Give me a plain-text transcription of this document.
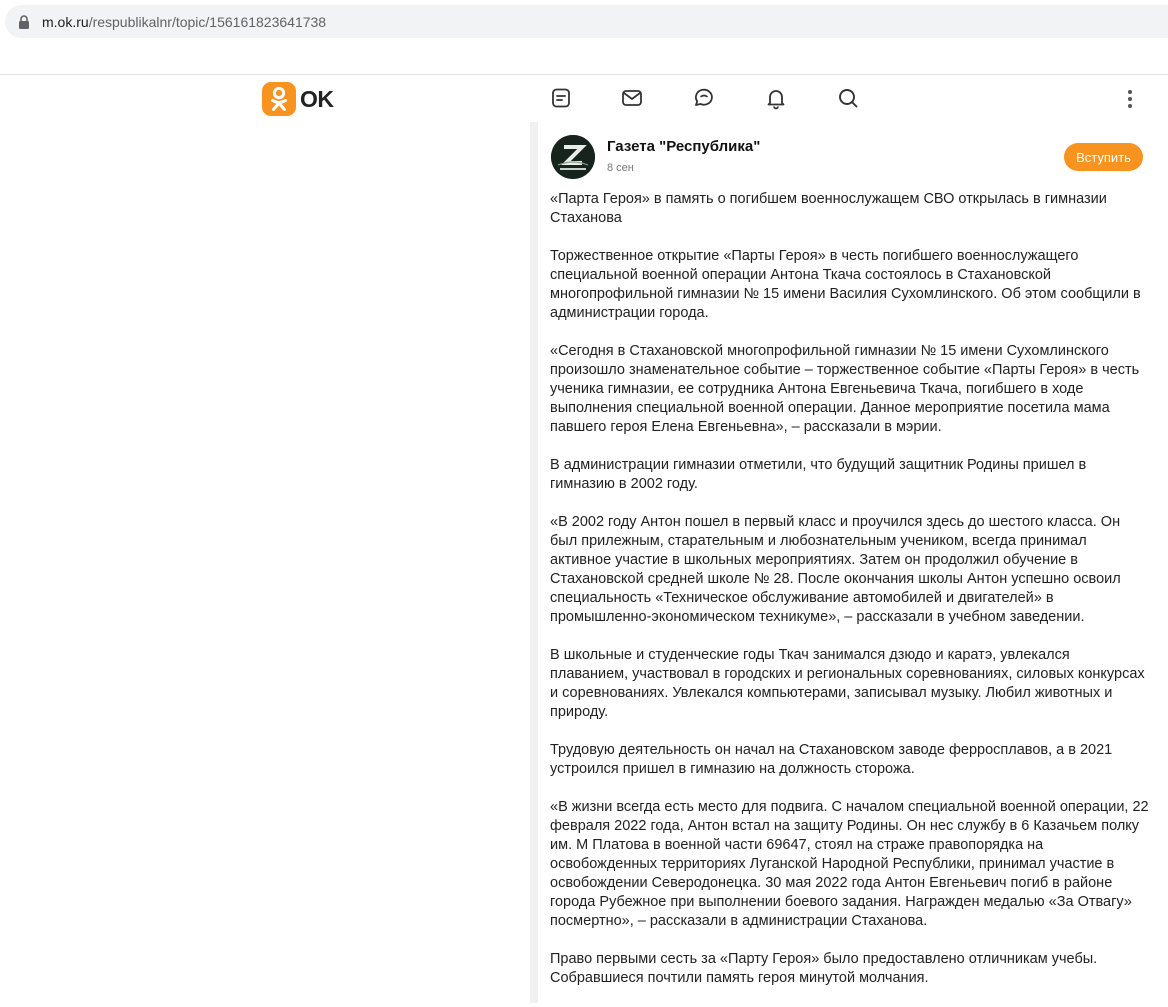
m.ok.ru/respublikalnr/topic/156161823641738
OK
Газета "Республика"
8 сен
Вступить

«Парта Героя» в память о погибшем военнослужащем СВО открылась в гимназии Стаханова

Торжественное открытие «Парты Героя» в честь погибшего военнослужащего специальной военной операции Антона Ткача состоялось в Стахановской многопрофильной гимназии № 15 имени Василия Сухомлинского. Об этом сообщили в администрации города.

«Сегодня в Стахановской многопрофильной гимназии № 15 имени Сухомлинского произошло знаменательное событие – торжественное событие «Парты Героя» в честь ученика гимназии, ее сотрудника Антона Евгеньевича Ткача, погибшего в ходе выполнения специальной военной операции. Данное мероприятие посетила мама павшего героя Елена Евгеньевна», – рассказали в мэрии.

В администрации гимназии отметили, что будущий защитник Родины пришел в гимназию в 2002 году.

«В 2002 году Антон пошел в первый класс и проучился здесь до шестого класса. Он был прилежным, старательным и любознательным учеником, всегда принимал активное участие в школьных мероприятиях. Затем он продолжил обучение в Стахановской средней школе № 28. После окончания школы Антон успешно освоил специальность «Техническое обслуживание автомобилей и двигателей» в промышленно-экономическом техникуме», – рассказали в учебном заведении.

В школьные и студенческие годы Ткач занимался дзюдо и каратэ, увлекался плаванием, участвовал в городских и региональных соревнованиях, силовых конкурсах и соревнованиях. Увлекался компьютерами, записывал музыку. Любил животных и природу.

Трудовую деятельность он начал на Стахановском заводе ферросплавов, а в 2021 устроился пришел в гимназию на должность сторожа.

«В жизни всегда есть место для подвига. С началом специальной военной операции, 22 февраля 2022 года, Антон встал на защиту Родины. Он нес службу в 6 Казачьем полку им. М Платова в военной части 69647, стоял на страже правопорядка на освобожденных территориях Луганской Народной Республики, принимал участие в освобождении Северодонецка. 30 мая 2022 года Антон Евгеньевич погиб в районе города Рубежное при выполнении боевого задания. Награжден медалью «За Отвагу» посмертно», – рассказали в администрации Стаханова.

Право первыми сесть за «Парту Героя» было предоставлено отличникам учебы. Собравшиеся почтили память героя минутой молчания.
